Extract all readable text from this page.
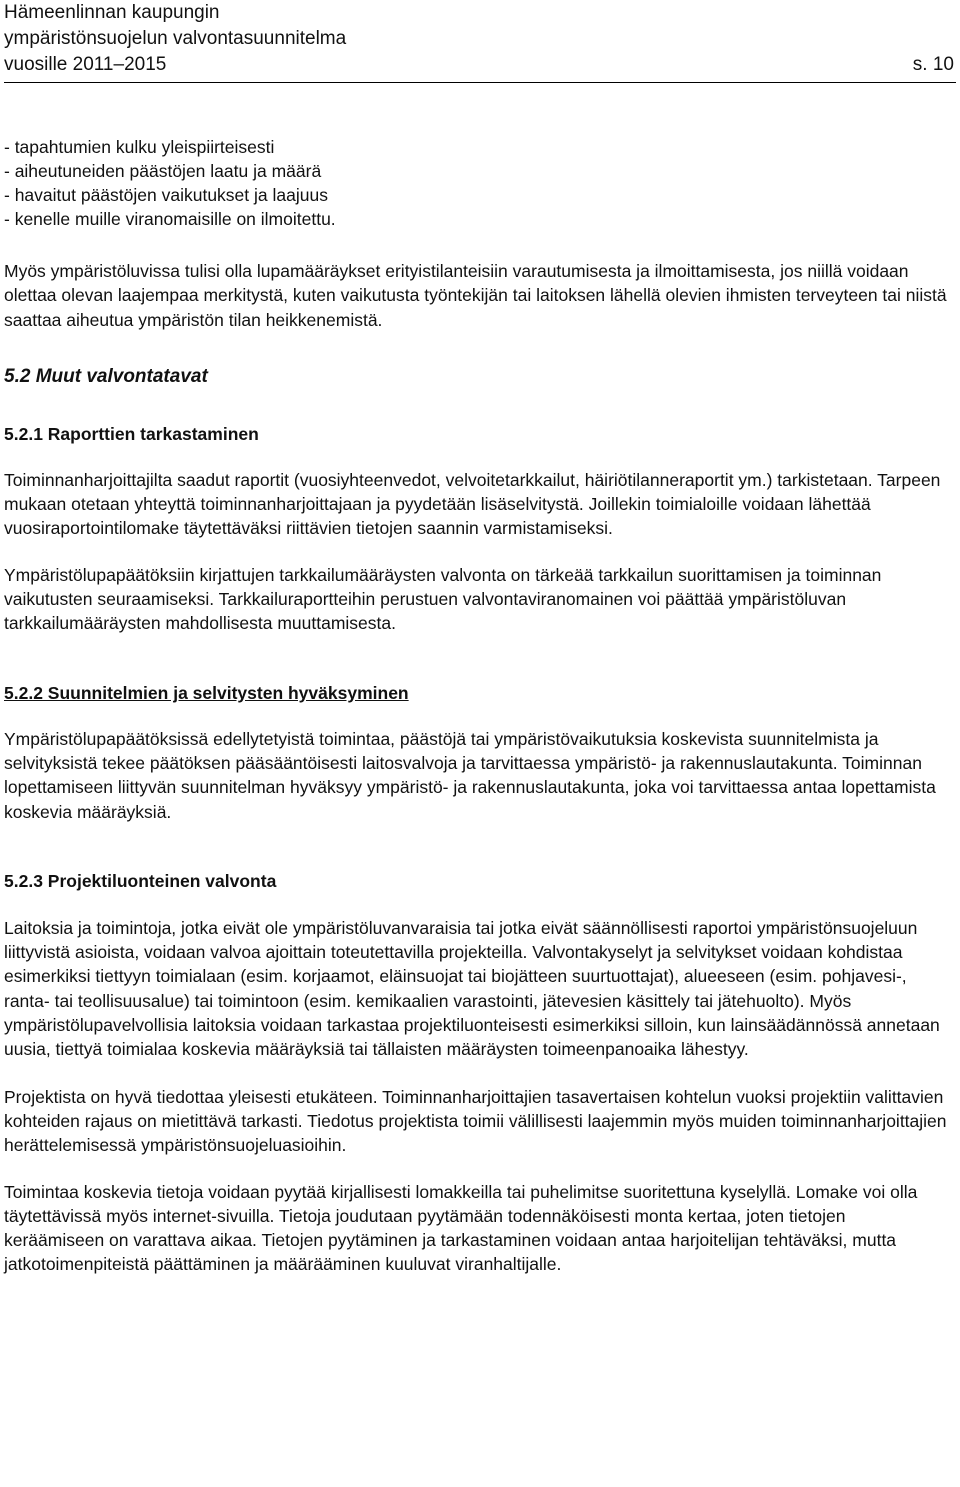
Hämeenlinnan kaupungin
ympäristönsuojelun valvontasuunnitelma
vuosille 2011–2015	s. 10
- tapahtumien kulku yleispiirteisesti
- aiheutuneiden päästöjen laatu ja määrä
- havaitut päästöjen vaikutukset ja laajuus
- kenelle muille viranomaisille on ilmoitettu.

Myös ympäristöluvissa tulisi olla lupamääräykset erityistilanteisiin varautumisesta ja ilmoittamisesta, jos niillä voidaan olettaa olevan laajempaa merkitystä, kuten vaikutusta työntekijän tai laitoksen lähellä olevien ihmisten terveyteen tai niistä saattaa aiheutua ympäristön tilan heikkenemistä.

5.2 Muut valvontatavat
5.2.1 Raporttien tarkastaminen

Toiminnanharjoittajilta saadut raportit (vuosiyhteenvedot, velvoitetarkkailut, häiriötilanneraportit ym.) tarkistetaan. Tarpeen mukaan otetaan yhteyttä toiminnanharjoittajaan ja pyydetään lisäselvitystä. Joillekin toimialoille voidaan lähettää vuosiraportointilomake täytettäväksi riittävien tietojen saannin varmistamiseksi.

Ympäristölupapäätöksiin kirjattujen tarkkailumääräysten valvonta on tärkeää tarkkailun suorittamisen ja toiminnan vaikutusten seuraamiseksi. Tarkkailuraportteihin perustuen valvontaviranomainen voi päättää ympäristöluvan tarkkailumääräysten mahdollisesta muuttamisesta.

5.2.2 Suunnitelmien ja selvitysten hyväksyminen

Ympäristölupapäätöksissä edellytetyistä toimintaa, päästöjä tai ympäristövaikutuksia koskevista suunnitelmista ja selvityksistä tekee päätöksen pääsääntöisesti laitosvalvoja ja tarvittaessa ympäristö- ja rakennuslautakunta. Toiminnan lopettamiseen liittyvän suunnitelman hyväksyy ympäristö- ja rakennuslautakunta, joka voi tarvittaessa antaa lopettamista koskevia määräyksiä.

5.2.3 Projektiluonteinen valvonta

Laitoksia ja toimintoja, jotka eivät ole ympäristöluvanvaraisia tai jotka eivät säännöllisesti raportoi ympäristönsuojeluun liittyvistä asioista, voidaan valvoa ajoittain toteutettavilla projekteilla. Valvontakyselyt ja selvitykset voidaan kohdistaa esimerkiksi tiettyyn toimialaan (esim. korjaamot, eläinsuojat tai biojätteen suurtuottajat), alueeseen (esim. pohjavesi-, ranta- tai teollisuusalue) tai toimintoon (esim. kemikaalien varastointi, jätevesien käsittely tai jätehuolto). Myös ympäristölupavelvollisia laitoksia voidaan tarkastaa projektiluonteisesti esimerkiksi silloin, kun lainsäädännössä annetaan uusia, tiettyä toimialaa koskevia määräyksiä tai tällaisten määräysten toimeenpanoaika lähestyy.

Projektista on hyvä tiedottaa yleisesti etukäteen. Toiminnanharjoittajien tasavertaisen kohtelun vuoksi projektiin valittavien kohteiden rajaus on mietittävä tarkasti. Tiedotus projektista toimii välillisesti laajemmin myös muiden toiminnanharjoittajien herättelemisessä ympäristönsuojeluasioihin.

Toimintaa koskevia tietoja voidaan pyytää kirjallisesti lomakkeilla tai puhelimitse suoritettuna kyselyllä. Lomake voi olla täytettävissä myös internet-sivuilla. Tietoja joudutaan pyytämään todennäköisesti monta kertaa, joten tietojen keräämiseen on varattava aikaa. Tietojen pyytäminen ja tarkastaminen voidaan antaa harjoitelijan tehtäväksi, mutta jatkotoimenpiteistä päättäminen ja määrääminen kuuluvat viranhaltijalle.
